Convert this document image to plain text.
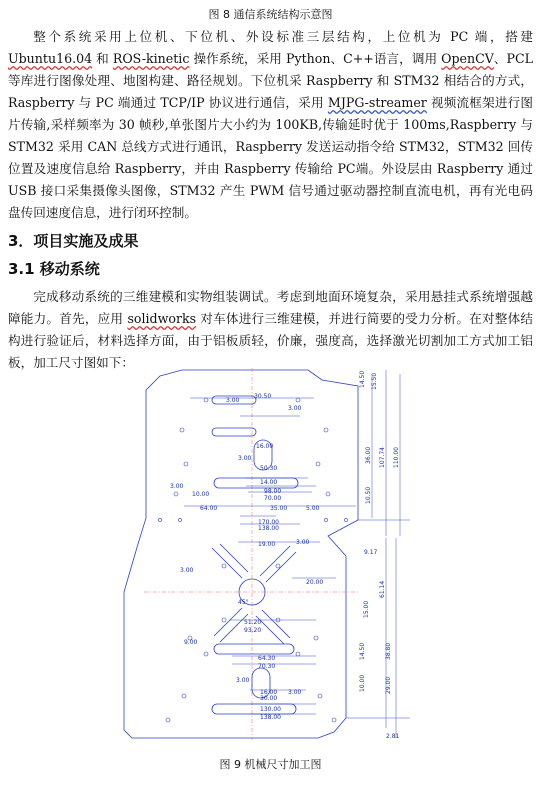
图 8 通信系统结构示意图

整个系统采用上位机、下位机、外设标准三层结构，上位机为 PC 端，搭建 Ubuntu16.04 和 ROS-kinetic 操作系统，采用 Python、C++语言，调用 OpenCV、PCL 等库进行图像处理、地图构建、路径规划。下位机采 Raspberry 和 STM32 相结合的方式，Raspberry 与 PC 端通过 TCP/IP 协议进行通信，采用 MJPG-streamer 视频流框架进行图片传输,采样频率为 30 帧秒,单张图片大小约为 100KB,传输延时优于 100ms,Raspberry 与 STM32 采用 CAN 总线方式进行通讯，Raspberry 发送运动指令给 STM32，STM32 回传位置及速度信息给 Raspberry，并由 Raspberry 传输给 PC端。外设层由 Raspberry 通过 USB 接口采集摄像头图像，STM32 产生 PWM 信号通过驱动器控制直流电机，再有光电码盘传回速度信息，进行闭环控制。

3．项目实施及成果
3.1 移动系统

完成移动系统的三维建模和实物组装调试。考虑到地面环境复杂，采用悬挂式系统增强越障能力。首先，应用 solidworks 对车体进行三维建模，并进行简要的受力分析。在对整体结构进行验证后，材料选择方面，由于铝板质轻，价廉，强度高，选择激光切割加工方式加工铝板，加工尺寸图如下：

3.00
30.50
3.00
16.00
50.30
3.00
14.00
98.00
70.00
3.00
10.00
64.00	35.00	5.00
170.00
138.00
19.00	3.00
3.00
20.00
45°
51.20
93.20
9.00
64.30
70.30
3.00
16.00
30.00
3.00
130.00
138.00
14.50 15.50
36.00 107.74 110.00
10.50
9.17
61.14
15.00
14.50	38.80
10.00	29.00
2.81
图 9 机械尺寸加工图
